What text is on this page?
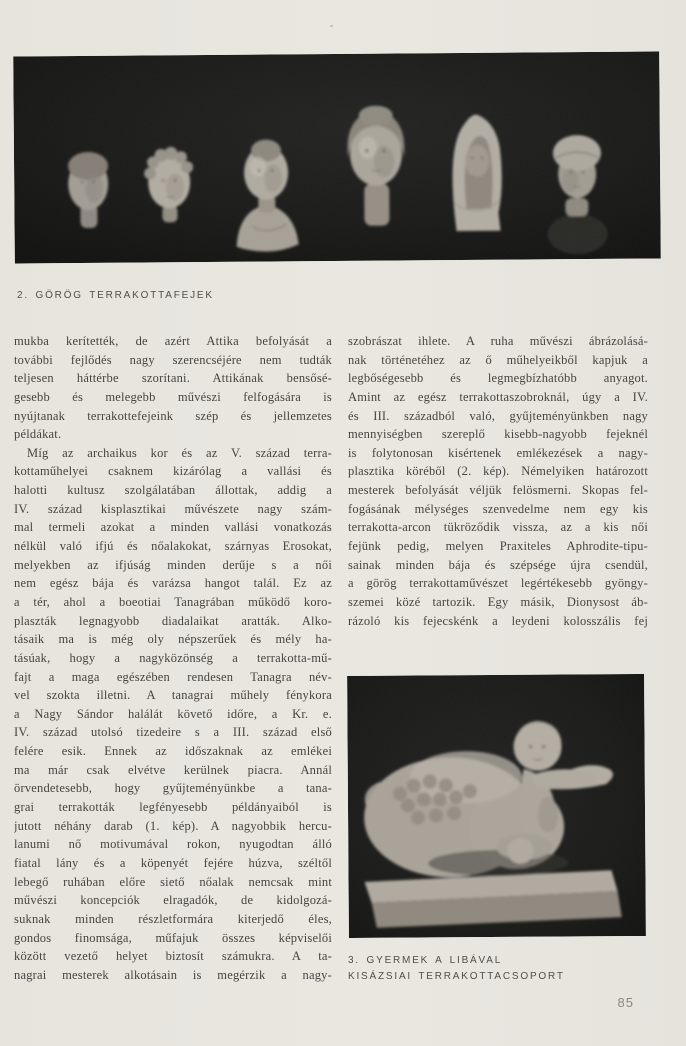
2. GÖRÖG TERRAKOTTAFEJEK
mukba kerítették, de azért Attika befolyását a
további fejlődés nagy szerencséjére nem tudták
teljesen háttérbe szorítani. Attikának bensősé-
gesebb és melegebb művészi felfogására is
nyújtanak terrakottefejeink szép és jellemzetes
példákat.
Míg az archaikus kor és az V. század terra-
kottaműhelyei csaknem kizárólag a vallási és
halotti kultusz szolgálatában állottak, addig a
IV. század kisplasztikai művészete nagy szám-
mal termeli azokat a minden vallási vonatkozás
nélkül való ifjú és nőalakokat, szárnyas Erosokat,
melyekben az ifjúság minden derűje s a női
nem egész bája és varázsa hangot talál. Ez az
a tér, ahol a boeotiai Tanagrában működő koro-
plaszták legnagyobb diadalaikat aratták. Alko-
tásaik ma is még oly népszerűek és mély ha-
tásúak, hogy a nagyközönség a terrakotta-mű-
fajt a maga egészében rendesen Tanagra név-
vel szokta illetni. A tanagrai műhely fénykora
a Nagy Sándor halálát követő időre, a Kr. e.
IV. század utolsó tizedeire s a III. század első
felére esik. Ennek az időszaknak az emlékei
ma már csak elvétve kerülnek piacra. Annál
örvendetesebb, hogy gyűjteményünkbe a tana-
grai terrakották legfényesebb példányaiból is
jutott néhány darab (1. kép). A nagyobbik hercu-
lanumi nő motivumával rokon, nyugodtan álló
fiatal lány és a köpenyét fejére húzva, széltől
lebegő ruhában előre siető nőalak nemcsak mint
művészi koncepciók elragadók, de kidolgozá-
suknak minden részletformára kiterjedő éles,
gondos finomsága, műfajuk összes képviselői
között vezető helyet biztosít számukra. A ta-
nagrai mesterek alkotásain is megérzik a nagy-
szobrászat ihlete. A ruha művészi ábrázolásá-
nak történetéhez az ő műhelyeikből kapjuk a
legbőségesebb és legmegbízhatóbb anyagot.
Amint az egész terrakottaszobroknál, úgy a IV.
és III. századból való, gyűjteményünkben nagy
mennyiségben szereplő kisebb-nagyobb fejeknél
is folytonosan kisértenek emlékezések a nagy-
plasztika köréből (2. kép). Némelyiken határozott
mesterek befolyását véljük felösmerni. Skopas fel-
fogásának mélységes szenvedelme nem egy kis
terrakotta-arcon tükröződik vissza, az a kis női
fejünk pedig, melyen Praxiteles Aphrodite-tipu-
sainak minden bája és szépsége újra csendül,
a görög terrakottaművészet legértékesebb gyöngy-
szemei közé tartozik. Egy másik, Dionysost áb-
rázoló kis fejecskénk a leydeni kolosszális fej
3. GYERMEK A LIBÁVAL
KISÁZSIAI TERRAKOTTACSOPORT
85
